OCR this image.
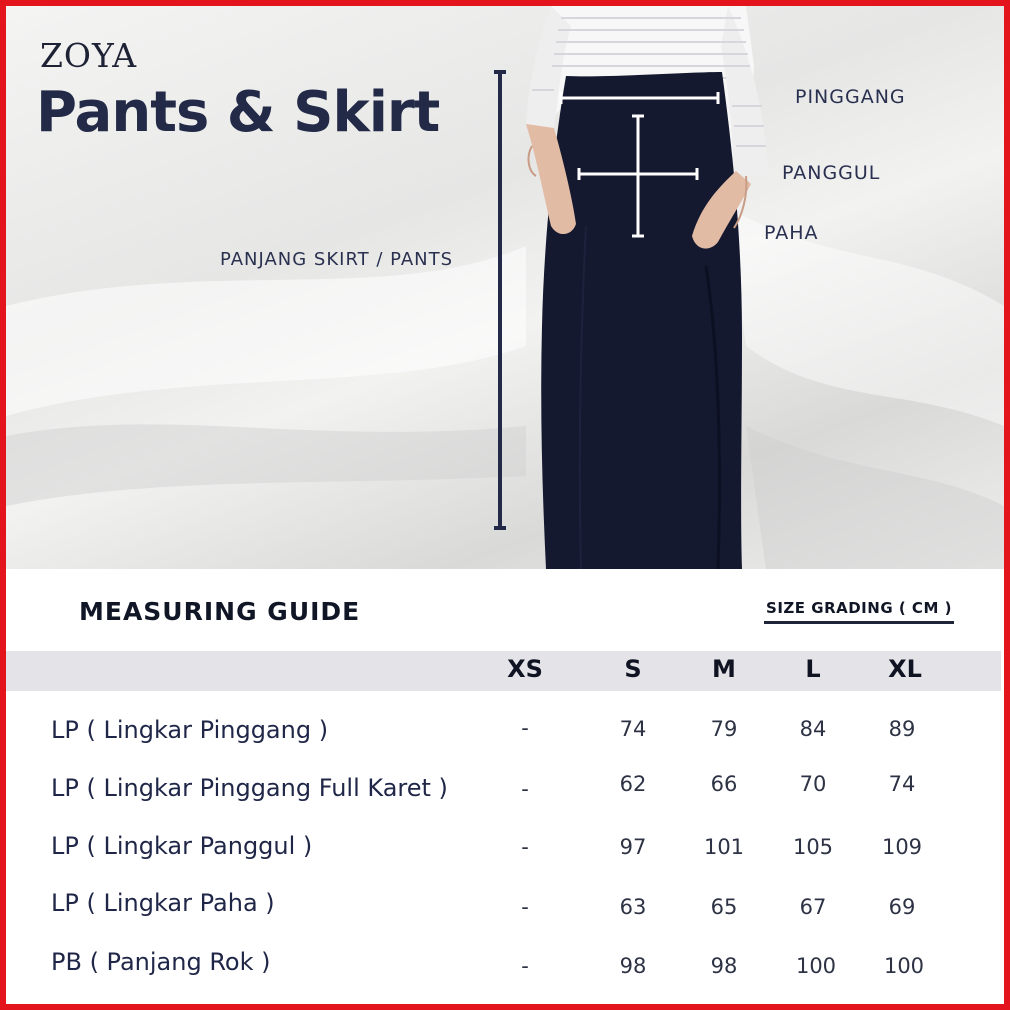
ZOYA
Pants & Skirt	PINGGANG
PANGGUL
PAHA
PANJANG SKIRT / PANTS
MEASURING GUIDE	SIZE GRADING ( CM )
XS	S	M	L	XL
LP ( Lingkar Pinggang )	-	74	79	84	89
LP ( Lingkar Pinggang Full Karet )	-	62	66	70	74
LP ( Lingkar Panggul )	-	97	101	105	109
LP ( Lingkar Paha )	-	63	65	67	69
PB ( Panjang Rok )	-	98	98	100	100
